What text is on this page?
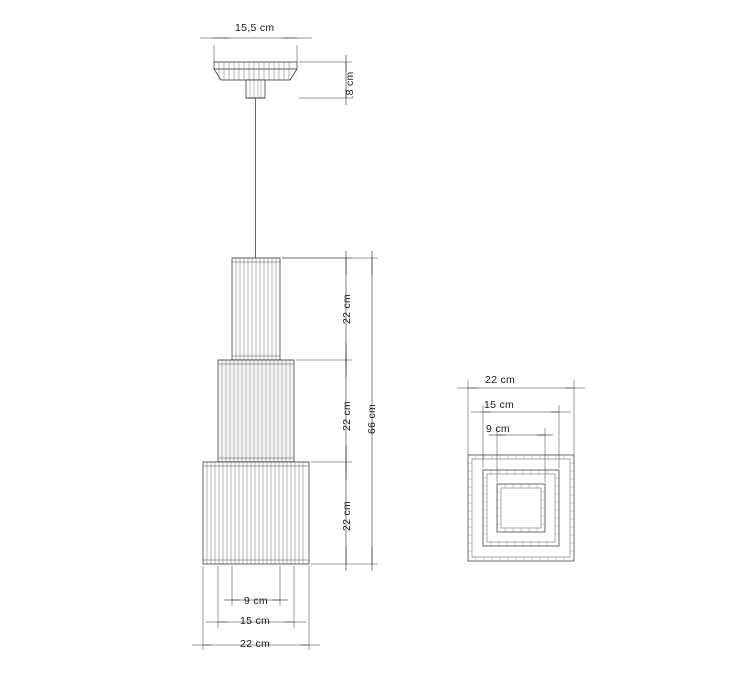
15,5 cm
.8 cm
22 cm
22 cm
22 cm
66 cm
9 cm
15 cm
22 cm
22 cm
15 cm
9 cm
